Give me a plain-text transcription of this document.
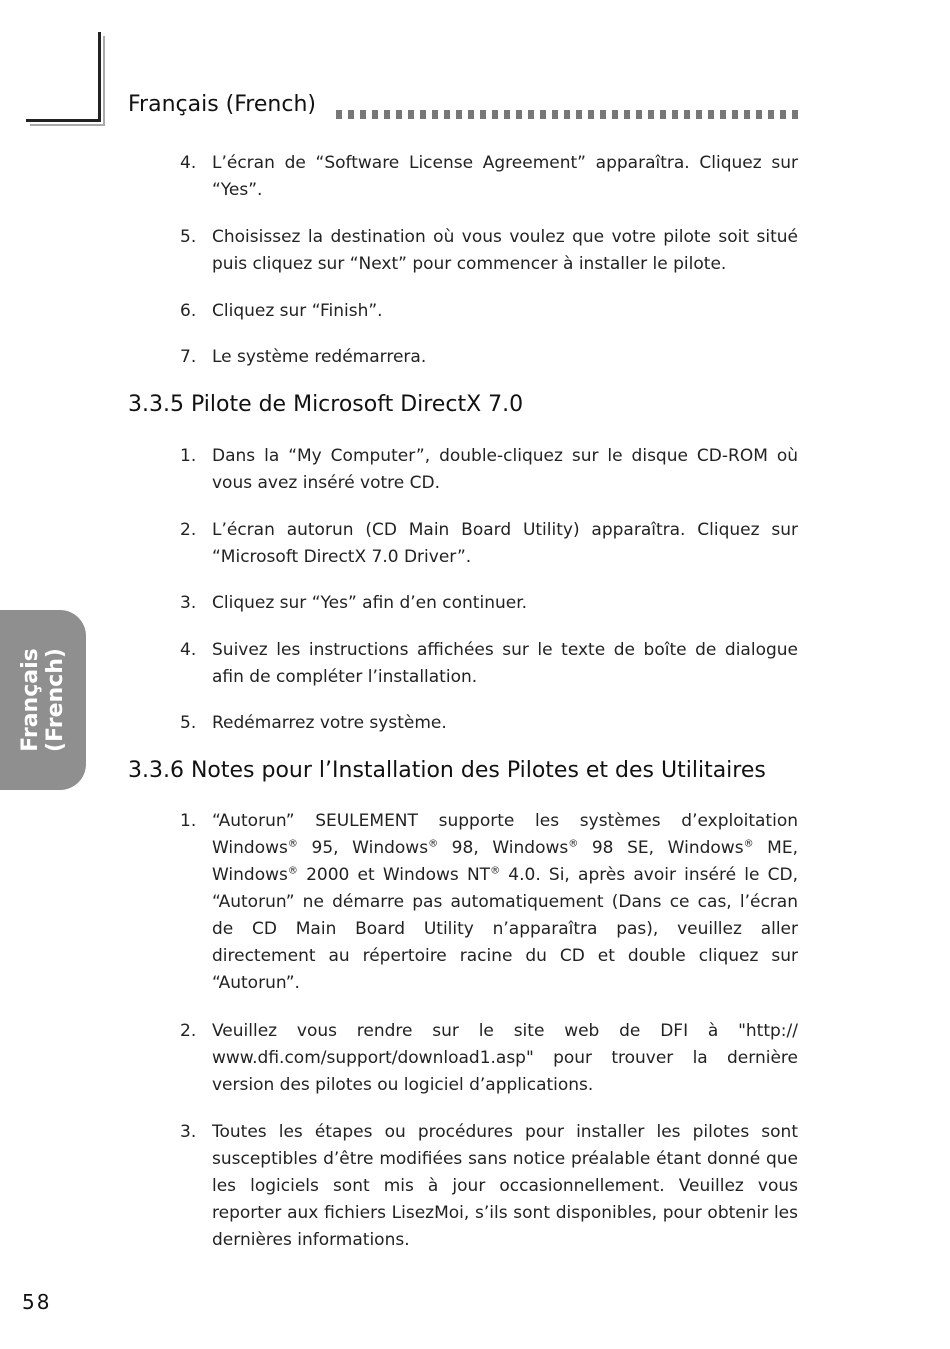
Français (French)
4. L’écran de “Software License Agreement” apparaîtra. Cliquez sur “Yes”.
5. Choisissez la destination où vous voulez que votre pilote soit situé puis cliquez sur “Next” pour commencer à installer le pilote.
6. Cliquez sur “Finish”.
7. Le système redémarrera.
3.3.5 Pilote de Microsoft DirectX 7.0
1. Dans la “My Computer”, double-cliquez sur le disque CD-ROM où vous avez inséré votre CD.
2. L’écran autorun (CD Main Board Utility) apparaîtra. Cliquez sur “Microsoft DirectX 7.0 Driver”.
3. Cliquez sur “Yes” afin d’en continuer.
4. Suivez les instructions affichées sur le texte de boîte de dialogue afin de compléter l’installation.
5. Redémarrez votre système.
3.3.6 Notes pour l’Installation des Pilotes et des Utilitaires
1. “Autorun” SEULEMENT supporte les systèmes d’exploitation Windows® 95, Windows® 98, Windows® 98 SE, Windows® ME, Windows® 2000 et Windows NT® 4.0. Si, après avoir inséré le CD, “Autorun” ne démarre pas automatiquement (Dans ce cas, l’écran de CD Main Board Utility n’apparaîtra pas), veuillez aller directement au répertoire racine du CD et double cliquez sur “Autorun”.
2. Veuillez vous rendre sur le site web de DFI à "http:// www.dfi.com/support/download1.asp" pour trouver la dernière version des pilotes ou logiciel d’applications.
3. Toutes les étapes ou procédures pour installer les pilotes sont susceptibles d’être modifiées sans notice préalable étant donné que les logiciels sont mis à jour occasionnellement. Veuillez vous reporter aux fichiers LisezMoi, s’ils sont disponibles, pour obtenir les dernières informations.
Français (French)
58
